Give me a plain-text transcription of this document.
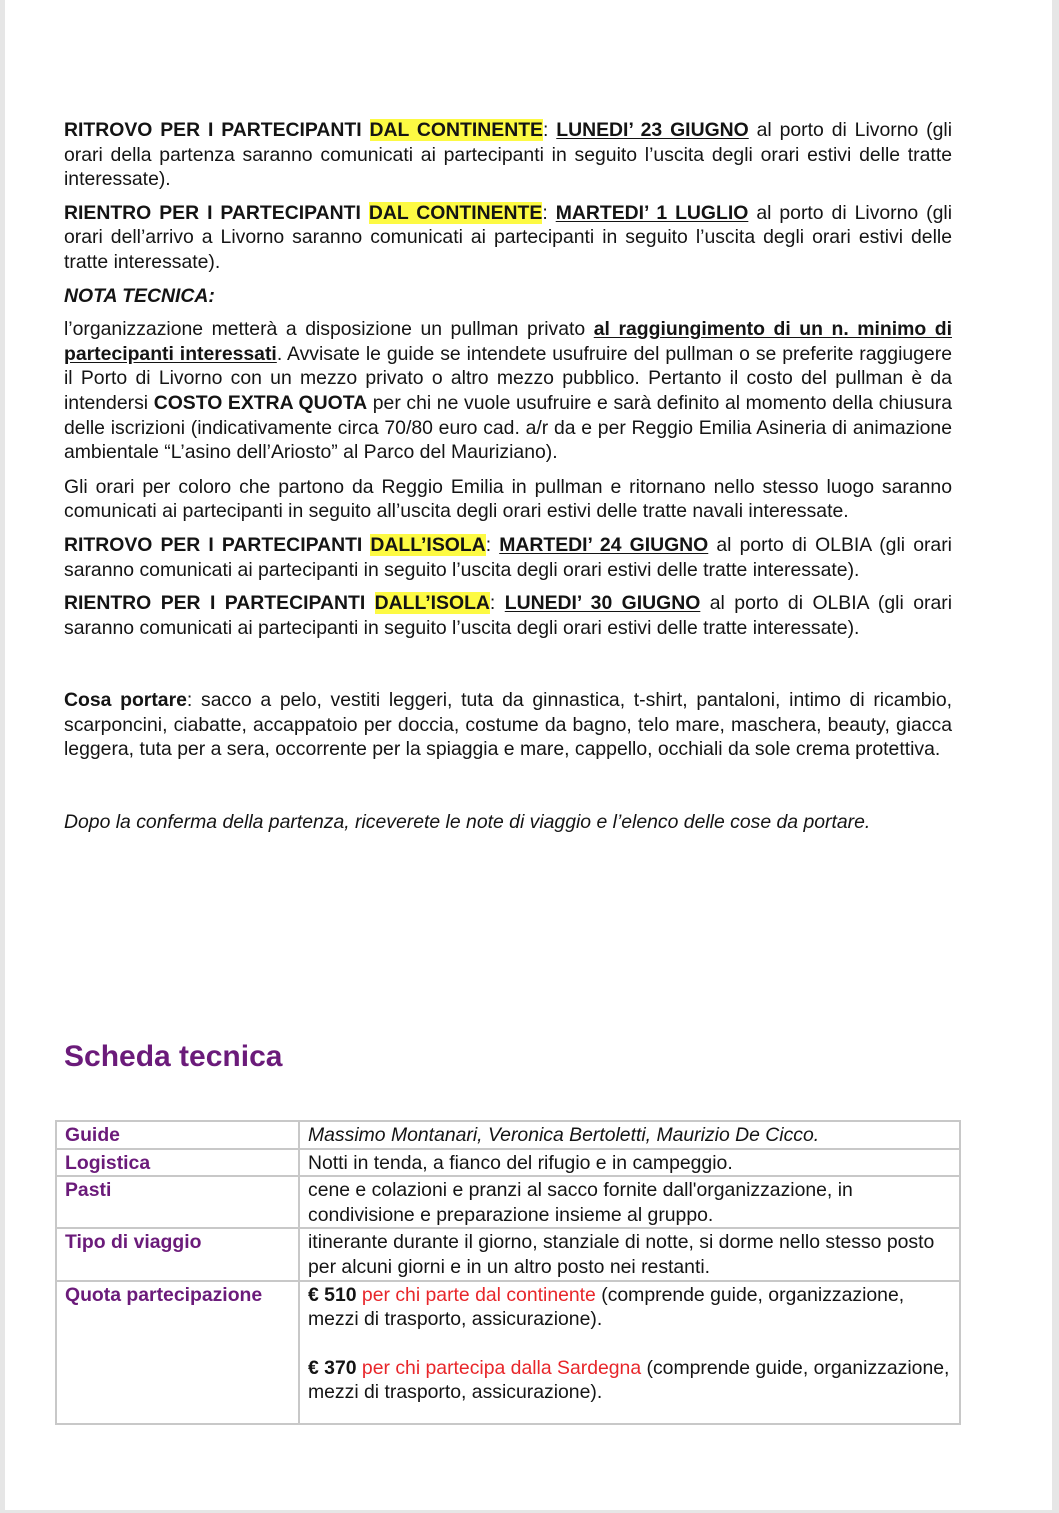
RITROVO PER I PARTECIPANTI DAL CONTINENTE: LUNEDI’ 23 GIUGNO al porto di Livorno (gli orari della partenza saranno comunicati ai partecipanti in seguito l’uscita degli orari estivi delle tratte interessate).

RIENTRO PER I PARTECIPANTI DAL CONTINENTE: MARTEDI’ 1 LUGLIO al porto di Livorno (gli orari dell’arrivo a Livorno saranno comunicati ai partecipanti in seguito l’uscita degli orari estivi delle tratte interessate).

NOTA TECNICA:

l’organizzazione metterà a disposizione un pullman privato al raggiungimento di un n. minimo di partecipanti interessati. Avvisate le guide se intendete usufruire del pullman o se preferite raggiugere il Porto di Livorno con un mezzo privato o altro mezzo pubblico. Pertanto il costo del pullman è da intendersi COSTO EXTRA QUOTA per chi ne vuole usufruire e sarà definito al momento della chiusura delle iscrizioni (indicativamente circa 70/80 euro cad. a/r da e per Reggio Emilia Asineria di animazione ambientale “L’asino dell’Ariosto” al Parco del Mauriziano).

Gli orari per coloro che partono da Reggio Emilia in pullman e ritornano nello stesso luogo saranno comunicati ai partecipanti in seguito all’uscita degli orari estivi delle tratte navali interessate.

RITROVO PER I PARTECIPANTI DALL’ISOLA: MARTEDI’ 24 GIUGNO al porto di OLBIA (gli orari saranno comunicati ai partecipanti in seguito l’uscita degli orari estivi delle tratte interessate).

RIENTRO PER I PARTECIPANTI DALL’ISOLA: LUNEDI’ 30 GIUGNO al porto di OLBIA (gli orari saranno comunicati ai partecipanti in seguito l’uscita degli orari estivi delle tratte interessate).

Cosa portare: sacco a pelo, vestiti leggeri, tuta da ginnastica, t-shirt, pantaloni, intimo di ricambio, scarponcini, ciabatte, accappatoio per doccia, costume da bagno, telo mare, maschera, beauty, giacca leggera, tuta per a sera, occorrente per la spiaggia e mare, cappello, occhiali da sole crema protettiva.

Dopo la conferma della partenza, riceverete le note di viaggio e l’elenco delle cose da portare.

Scheda tecnica
Guide	Massimo Montanari, Veronica Bertoletti, Maurizio De Cicco.
Logistica	Notti in tenda, a fianco del rifugio e in campeggio.
Pasti	cene e colazioni e pranzi al sacco fornite dall'organizzazione, in condivisione e preparazione insieme al gruppo.
Tipo di viaggio	itinerante durante il giorno, stanziale di notte, si dorme nello stesso posto per alcuni giorni e in un altro posto nei restanti.
Quota partecipazione	€ 510 per chi parte dal continente (comprende guide, organizzazione, mezzi di trasporto, assicurazione).
€ 370 per chi partecipa dalla Sardegna (comprende guide, organizzazione, mezzi di trasporto, assicurazione).
